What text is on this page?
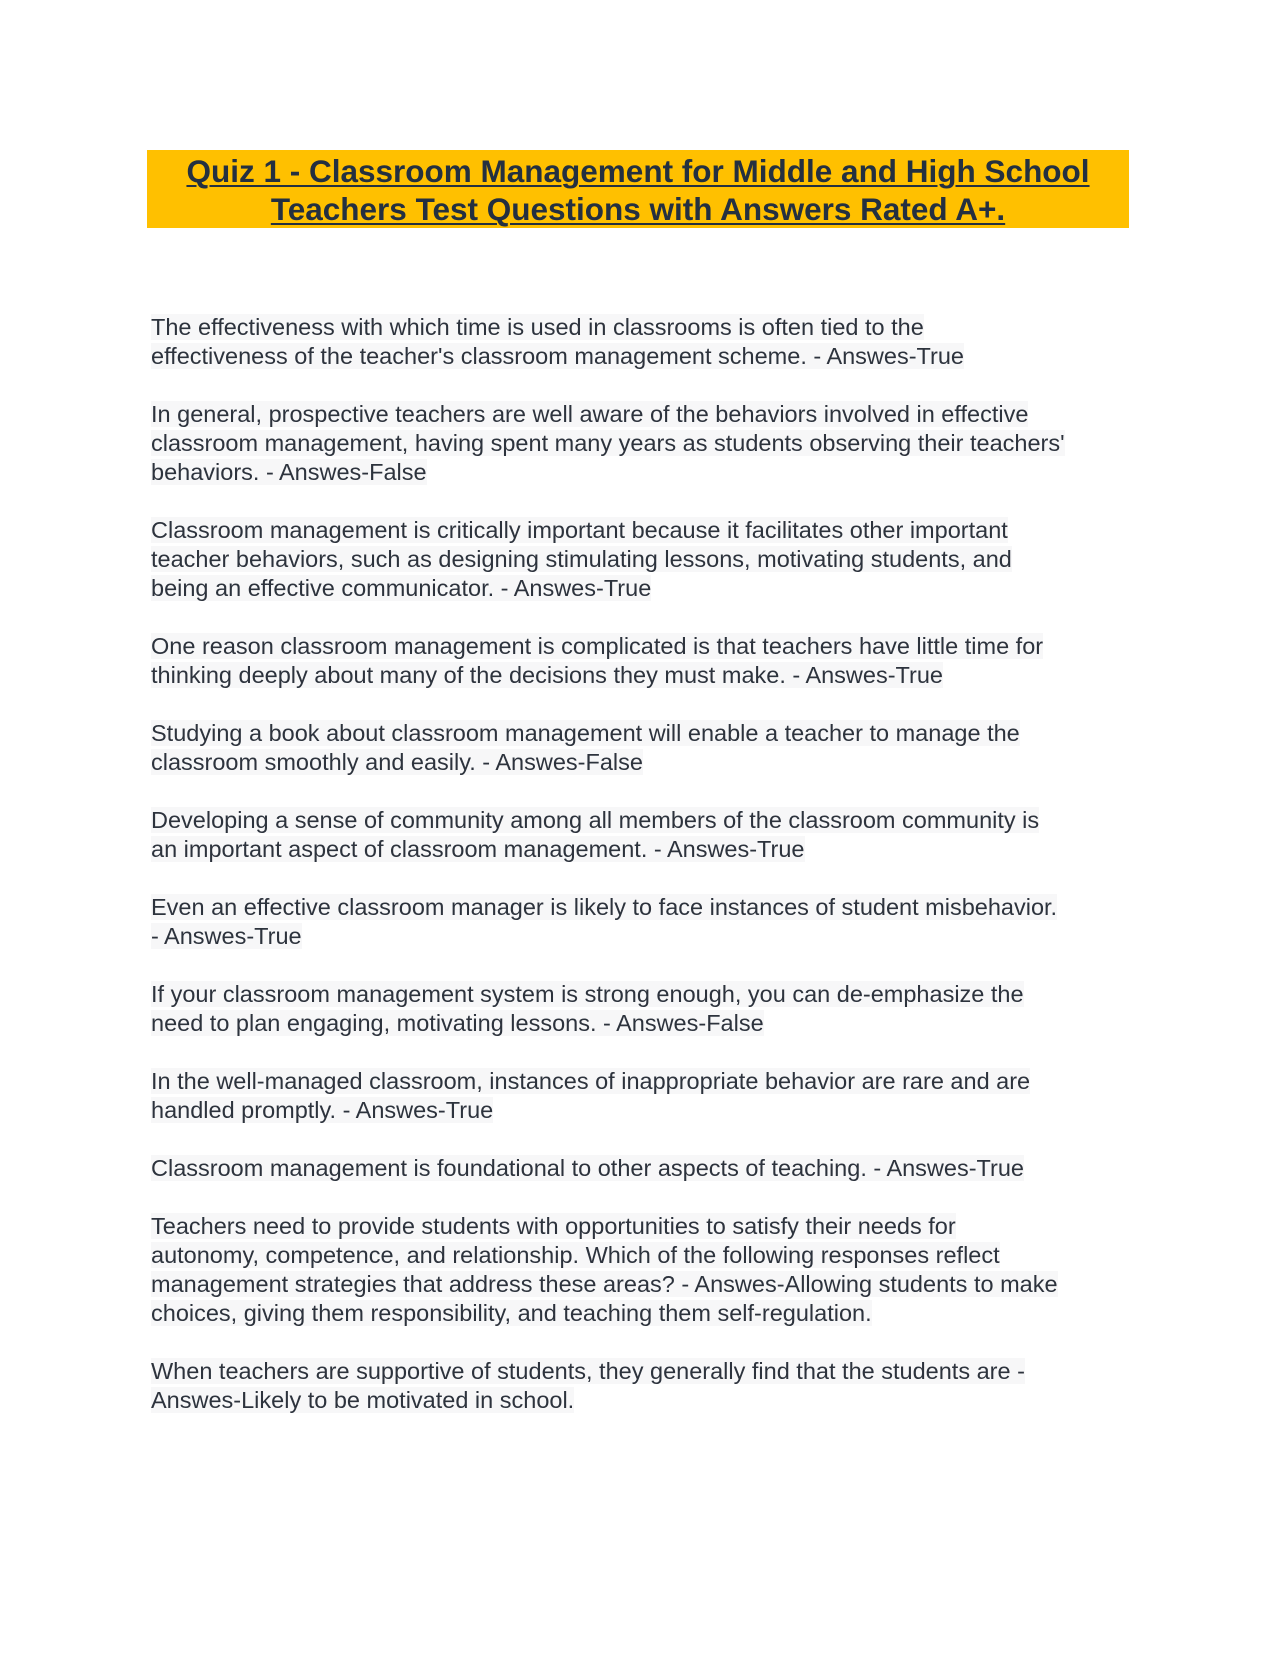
Quiz 1 - Classroom Management for Middle and High School
Teachers Test Questions with Answers Rated A+.
The effectiveness with which time is used in classrooms is often tied to the
effectiveness of the teacher's classroom management scheme. - Answes-True
In general, prospective teachers are well aware of the behaviors involved in effective
classroom management, having spent many years as students observing their teachers'
behaviors. - Answes-False
Classroom management is critically important because it facilitates other important
teacher behaviors, such as designing stimulating lessons, motivating students, and
being an effective communicator. - Answes-True
One reason classroom management is complicated is that teachers have little time for
thinking deeply about many of the decisions they must make. - Answes-True
Studying a book about classroom management will enable a teacher to manage the
classroom smoothly and easily. - Answes-False
Developing a sense of community among all members of the classroom community is
an important aspect of classroom management. - Answes-True
Even an effective classroom manager is likely to face instances of student misbehavior.
- Answes-True
If your classroom management system is strong enough, you can de-emphasize the
need to plan engaging, motivating lessons. - Answes-False
In the well-managed classroom, instances of inappropriate behavior are rare and are
handled promptly. - Answes-True
Classroom management is foundational to other aspects of teaching. - Answes-True
Teachers need to provide students with opportunities to satisfy their needs for
autonomy, competence, and relationship. Which of the following responses reflect
management strategies that address these areas? - Answes-Allowing students to make
choices, giving them responsibility, and teaching them self-regulation.
When teachers are supportive of students, they generally find that the students are -
Answes-Likely to be motivated in school.
